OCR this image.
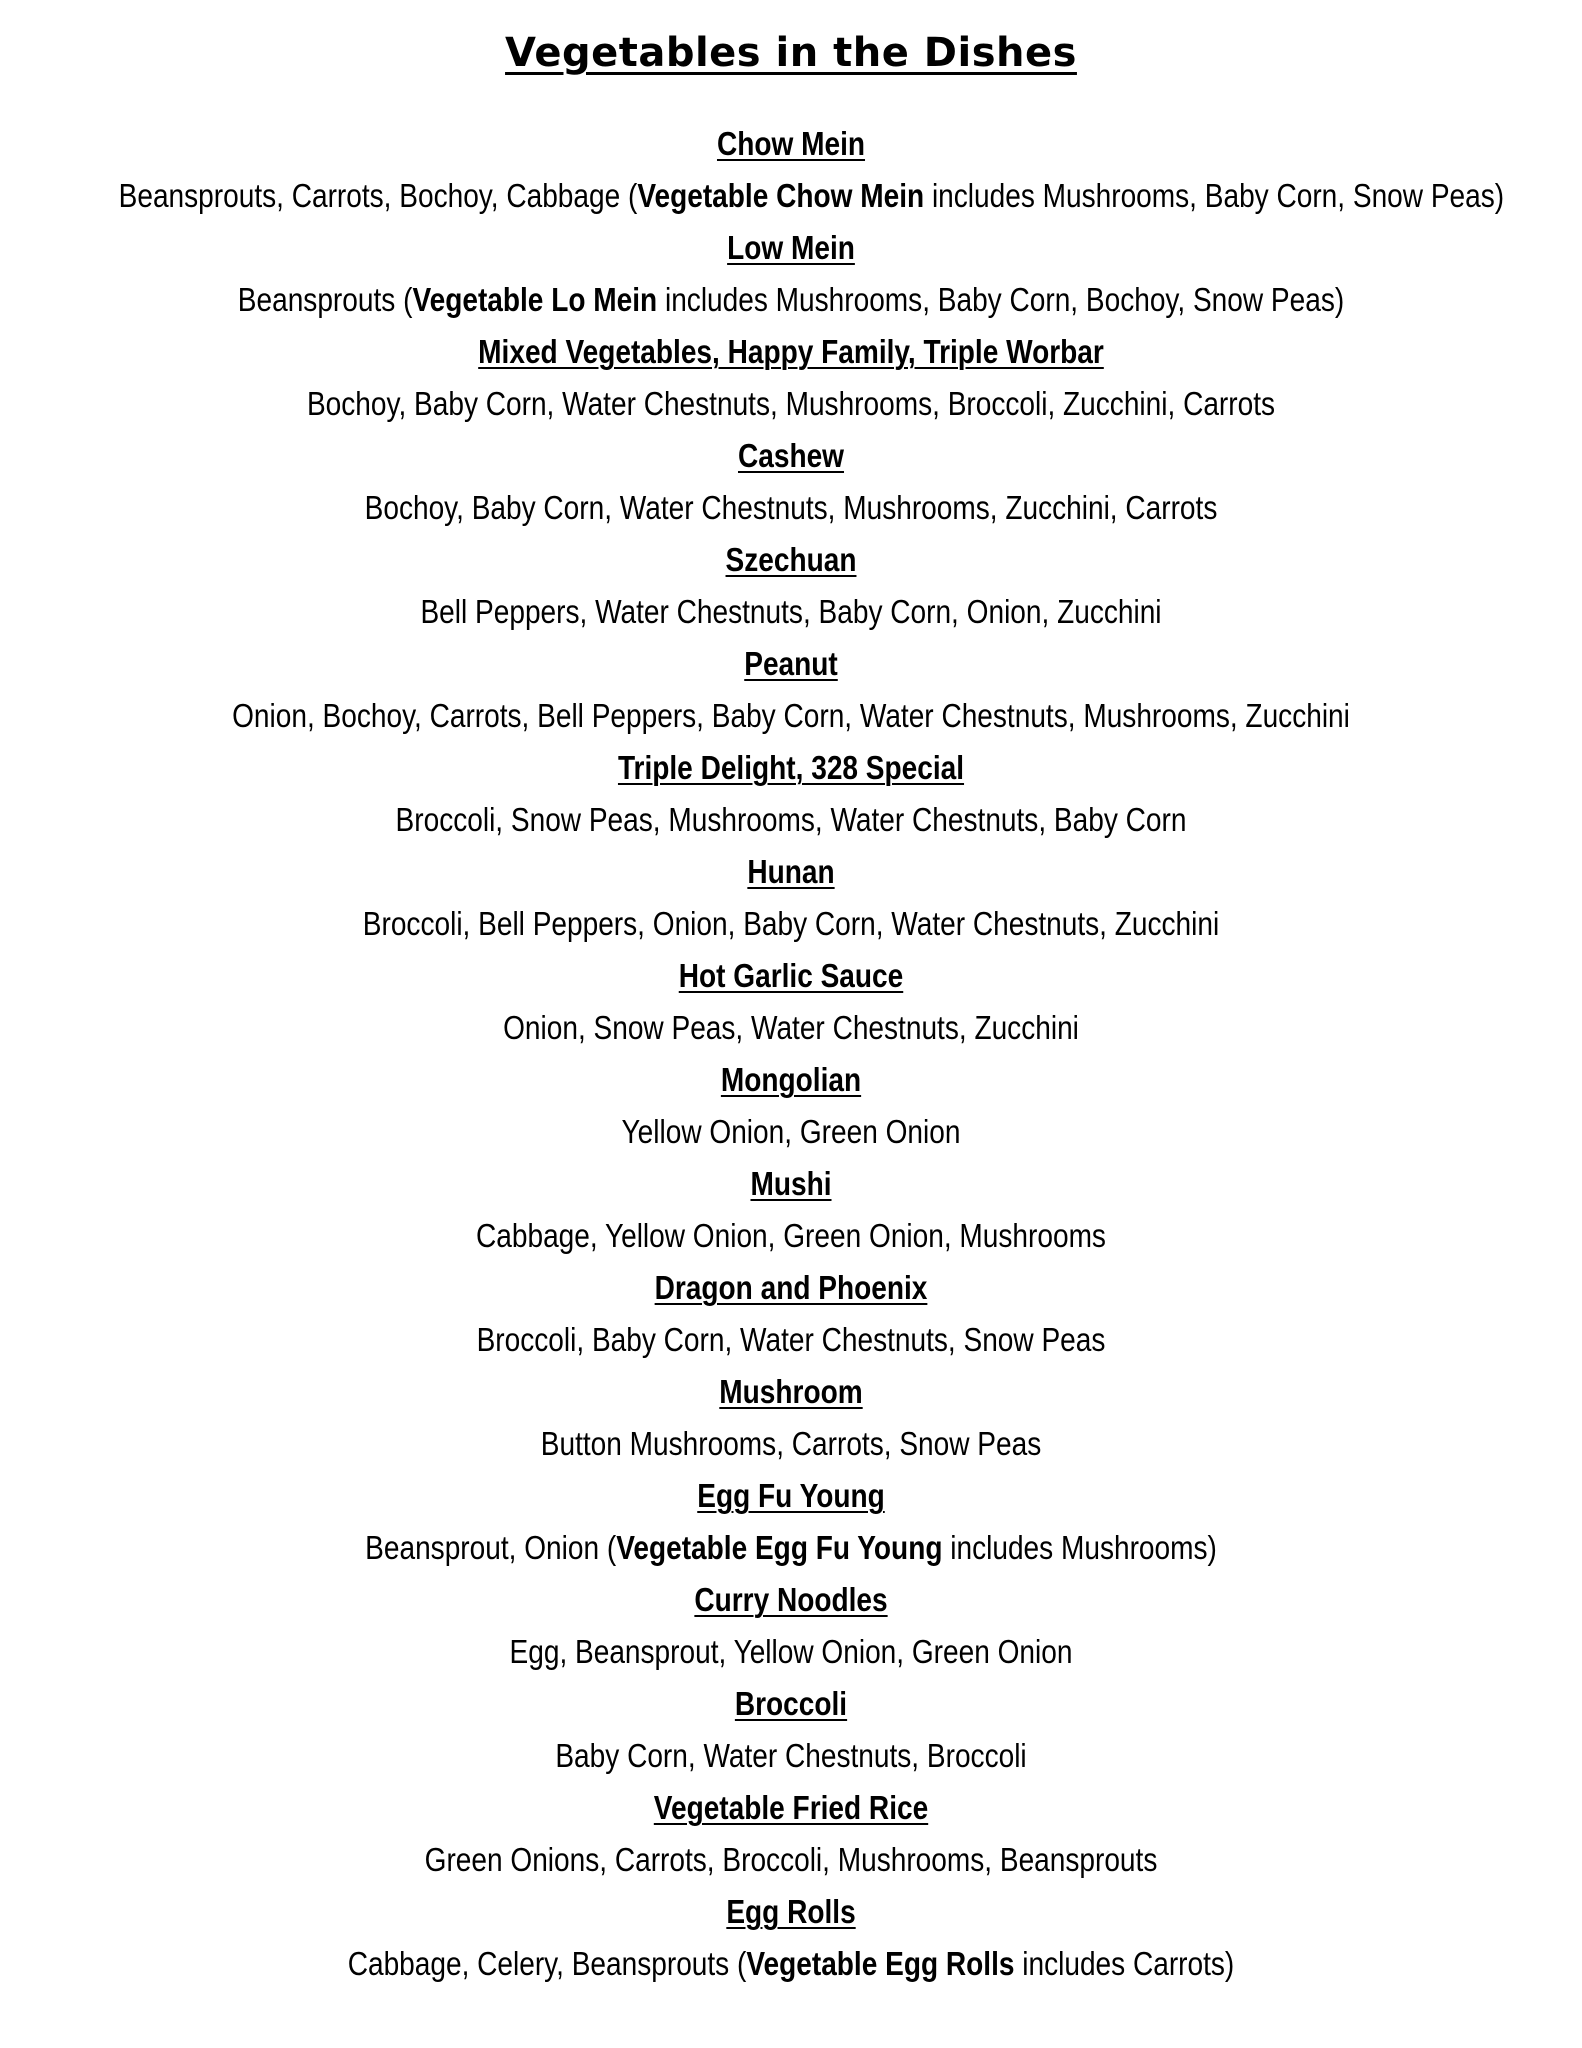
Vegetables in the Dishes
Chow Mein
Beansprouts, Carrots, Bochoy, Cabbage (Vegetable Chow Mein includes Mushrooms, Baby Corn, Snow Peas)
Low Mein
Beansprouts (Vegetable Lo Mein includes Mushrooms, Baby Corn, Bochoy, Snow Peas)
Mixed Vegetables, Happy Family, Triple Worbar
Bochoy, Baby Corn, Water Chestnuts, Mushrooms, Broccoli, Zucchini, Carrots
Cashew
Bochoy, Baby Corn, Water Chestnuts, Mushrooms, Zucchini, Carrots
Szechuan
Bell Peppers, Water Chestnuts, Baby Corn, Onion, Zucchini
Peanut
Onion, Bochoy, Carrots, Bell Peppers, Baby Corn, Water Chestnuts, Mushrooms, Zucchini
Triple Delight, 328 Special
Broccoli, Snow Peas, Mushrooms, Water Chestnuts, Baby Corn
Hunan
Broccoli, Bell Peppers, Onion, Baby Corn, Water Chestnuts, Zucchini
Hot Garlic Sauce
Onion, Snow Peas, Water Chestnuts, Zucchini
Mongolian
Yellow Onion, Green Onion
Mushi
Cabbage, Yellow Onion, Green Onion, Mushrooms
Dragon and Phoenix
Broccoli, Baby Corn, Water Chestnuts, Snow Peas
Mushroom
Button Mushrooms, Carrots, Snow Peas
Egg Fu Young
Beansprout, Onion (Vegetable Egg Fu Young includes Mushrooms)
Curry Noodles
Egg, Beansprout, Yellow Onion, Green Onion
Broccoli
Baby Corn, Water Chestnuts, Broccoli
Vegetable Fried Rice
Green Onions, Carrots, Broccoli, Mushrooms, Beansprouts
Egg Rolls
Cabbage, Celery, Beansprouts (Vegetable Egg Rolls includes Carrots)
